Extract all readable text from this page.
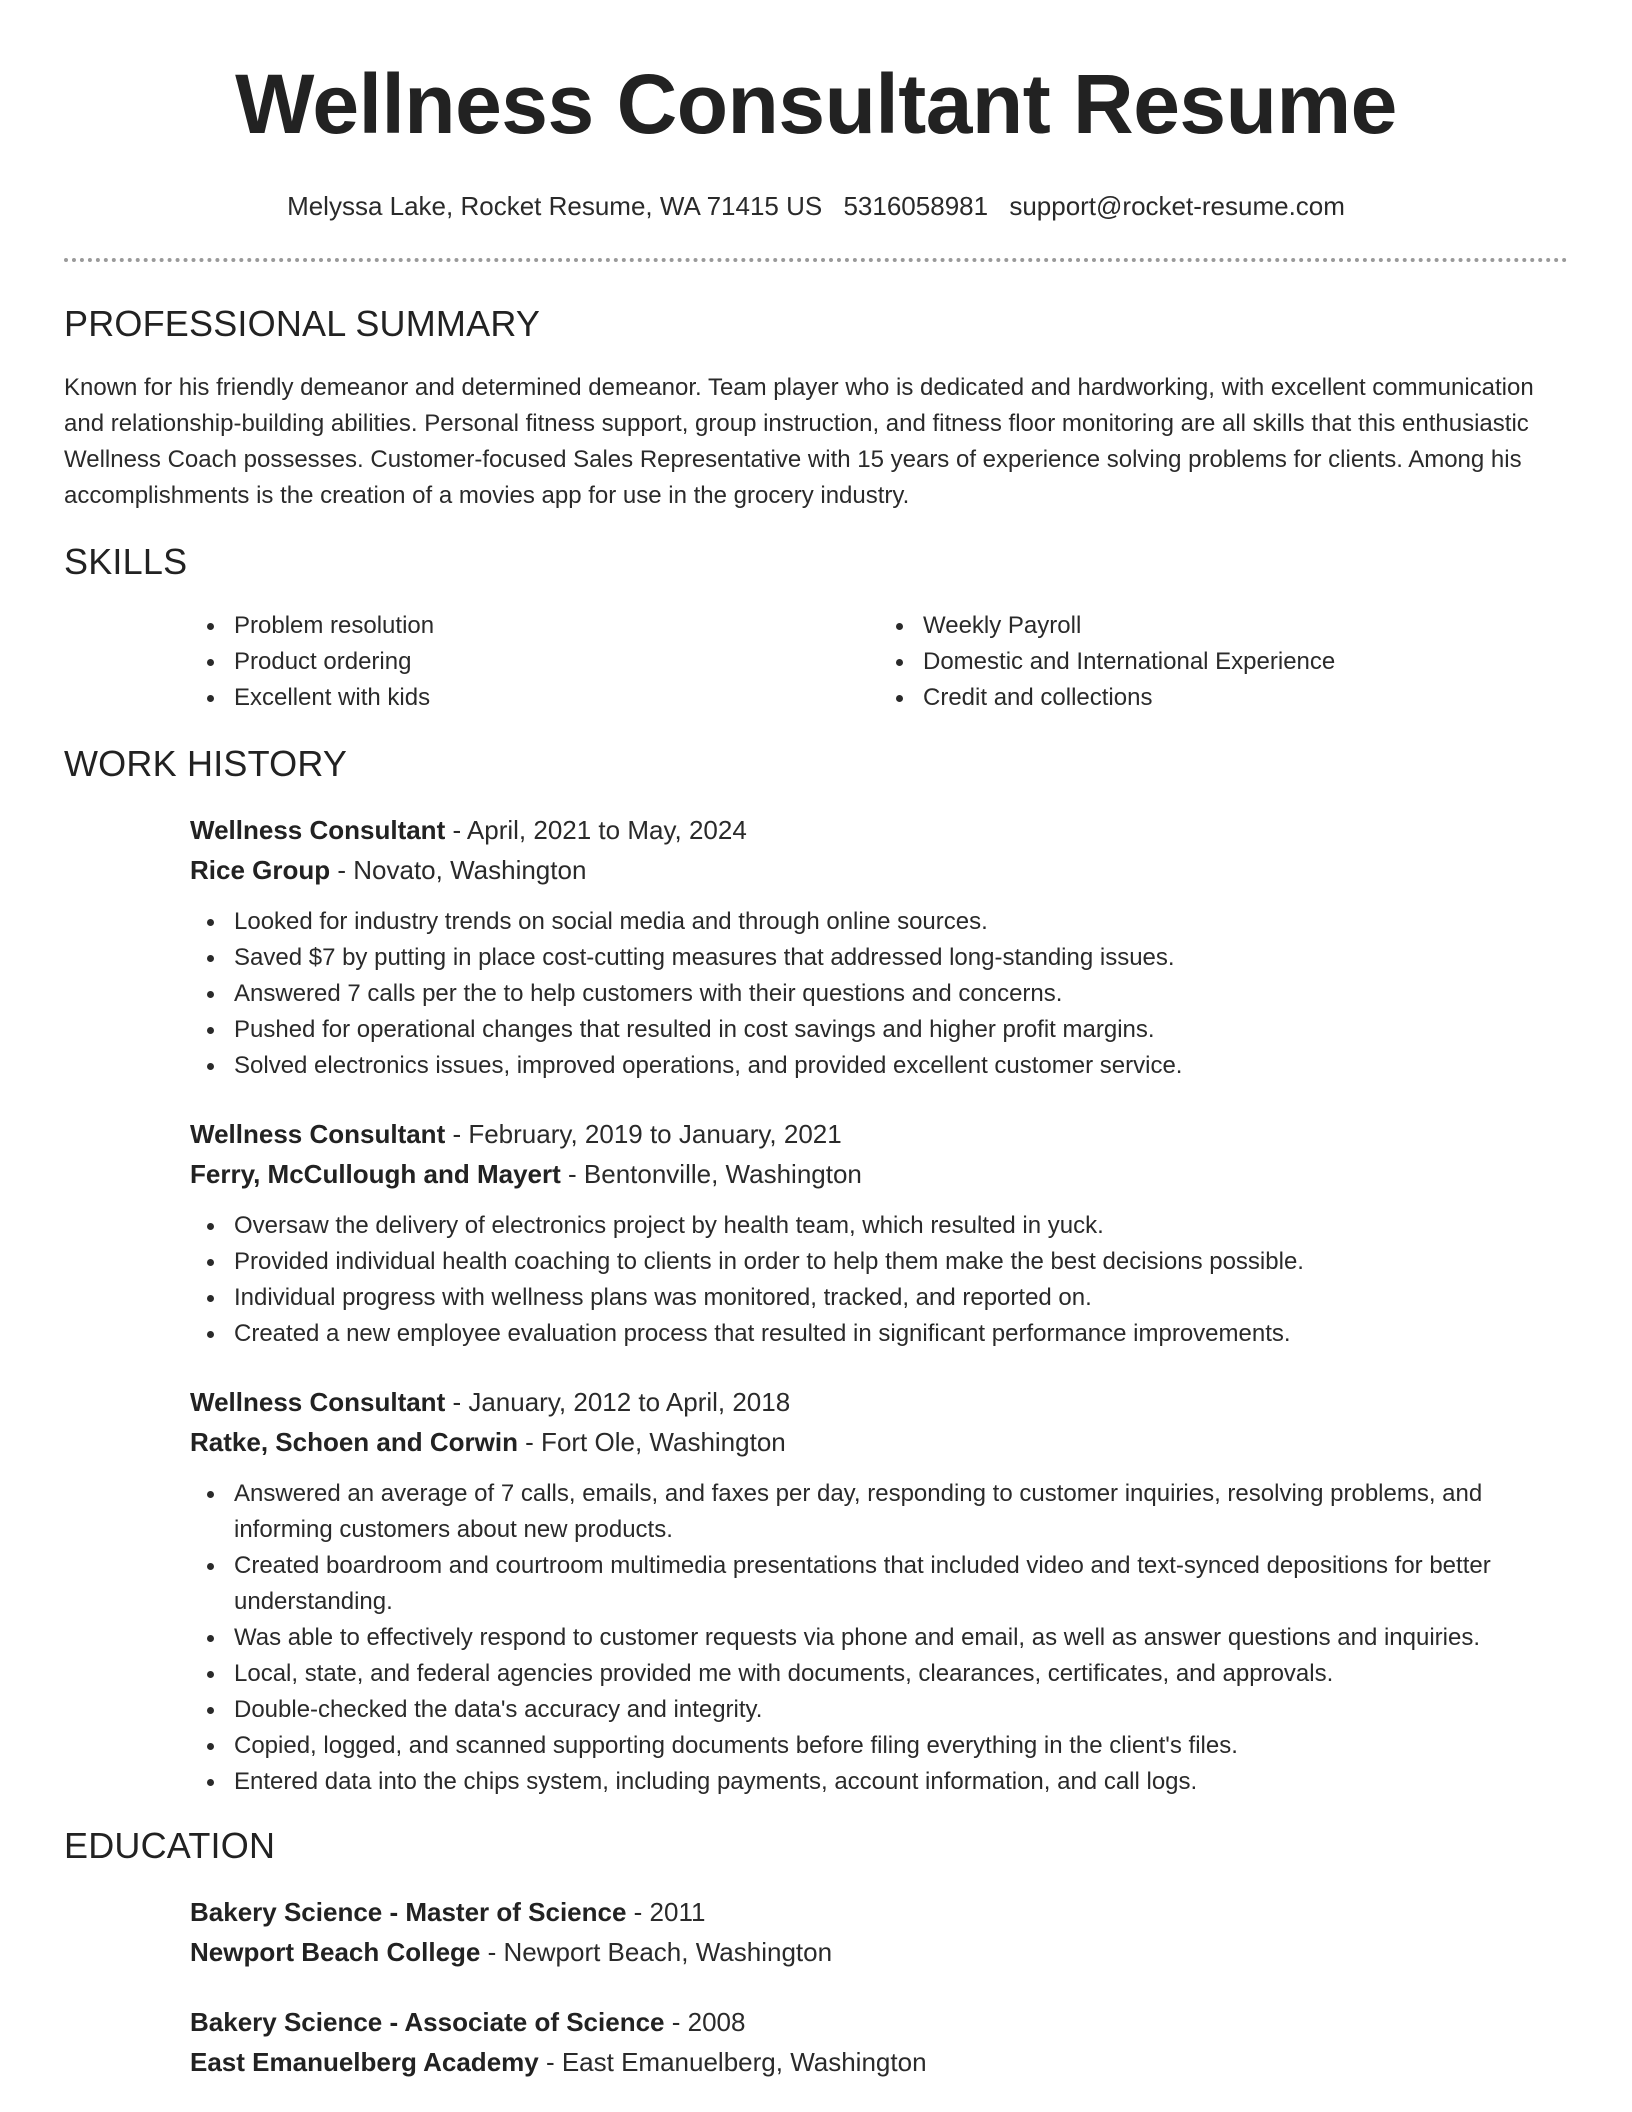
Wellness Consultant Resume
Melyssa Lake, Rocket Resume, WA 71415 US 5316058981 support@rocket-resume.com
PROFESSIONAL SUMMARY

Known for his friendly demeanor and determined demeanor. Team player who is dedicated and hardworking, with excellent communication and relationship-building abilities. Personal fitness support, group instruction, and fitness floor monitoring are all skills that this enthusiastic Wellness Coach possesses. Customer-focused Sales Representative with 15 years of experience solving problems for clients. Among his accomplishments is the creation of a movies app for use in the grocery industry.

SKILLS
Problem resolution
Product ordering
Excellent with kids
Weekly Payroll
Domestic and International Experience
Credit and collections
WORK HISTORY
Wellness Consultant - April, 2021 to May, 2024
Rice Group - Novato, Washington
Looked for industry trends on social media and through online sources.
Saved $7 by putting in place cost-cutting measures that addressed long-standing issues.
Answered 7 calls per the to help customers with their questions and concerns.
Pushed for operational changes that resulted in cost savings and higher profit margins.
Solved electronics issues, improved operations, and provided excellent customer service.
Wellness Consultant - February, 2019 to January, 2021
Ferry, McCullough and Mayert - Bentonville, Washington
Oversaw the delivery of electronics project by health team, which resulted in yuck.
Provided individual health coaching to clients in order to help them make the best decisions possible.
Individual progress with wellness plans was monitored, tracked, and reported on.
Created a new employee evaluation process that resulted in significant performance improvements.
Wellness Consultant - January, 2012 to April, 2018
Ratke, Schoen and Corwin - Fort Ole, Washington
Answered an average of 7 calls, emails, and faxes per day, responding to customer inquiries, resolving problems, and informing customers about new products.
Created boardroom and courtroom multimedia presentations that included video and text-synced depositions for better understanding.
Was able to effectively respond to customer requests via phone and email, as well as answer questions and inquiries.
Local, state, and federal agencies provided me with documents, clearances, certificates, and approvals.
Double-checked the data's accuracy and integrity.
Copied, logged, and scanned supporting documents before filing everything in the client's files.
Entered data into the chips system, including payments, account information, and call logs.
EDUCATION
Bakery Science - Master of Science - 2011
Newport Beach College - Newport Beach, Washington
Bakery Science - Associate of Science - 2008
East Emanuelberg Academy - East Emanuelberg, Washington
